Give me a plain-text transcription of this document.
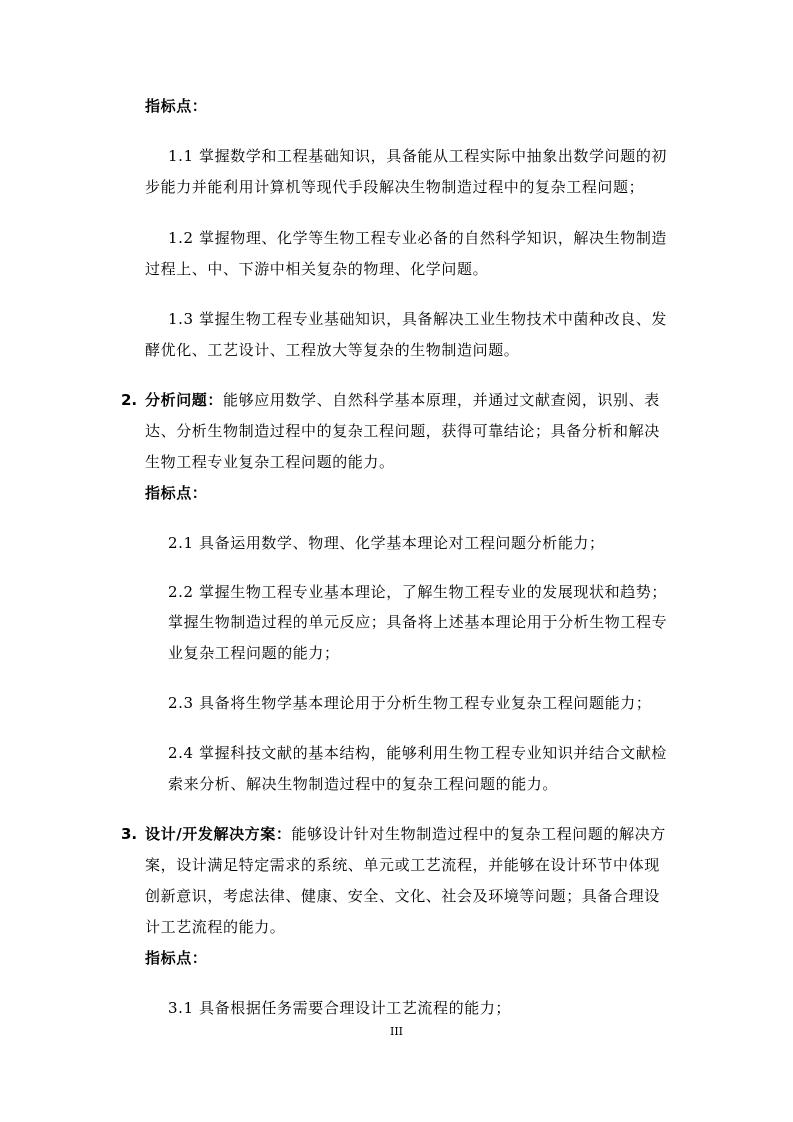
指标点：
1.1 掌握数学和工程基础知识，具备能从工程实际中抽象出数学问题的初
步能力并能利用计算机等现代手段解决生物制造过程中的复杂工程问题；
1.2 掌握物理、化学等生物工程专业必备的自然科学知识，解决生物制造
过程上、中、下游中相关复杂的物理、化学问题。
1.3 掌握生物工程专业基础知识，具备解决工业生物技术中菌种改良、发
酵优化、工艺设计、工程放大等复杂的生物制造问题。
2. 分析问题：能够应用数学、自然科学基本原理，并通过文献查阅，识别、表
达、分析生物制造过程中的复杂工程问题，获得可靠结论；具备分析和解决
生物工程专业复杂工程问题的能力。
指标点：
2.1 具备运用数学、物理、化学基本理论对工程问题分析能力；
2.2 掌握生物工程专业基本理论，了解生物工程专业的发展现状和趋势；
掌握生物制造过程的单元反应；具备将上述基本理论用于分析生物工程专
业复杂工程问题的能力；
2.3 具备将生物学基本理论用于分析生物工程专业复杂工程问题能力；
2.4 掌握科技文献的基本结构，能够利用生物工程专业知识并结合文献检
索来分析、解决生物制造过程中的复杂工程问题的能力。
3. 设计/开发解决方案：能够设计针对生物制造过程中的复杂工程问题的解决方
案，设计满足特定需求的系统、单元或工艺流程，并能够在设计环节中体现
创新意识，考虑法律、健康、安全、文化、社会及环境等问题；具备合理设
计工艺流程的能力。
指标点：
3.1 具备根据任务需要合理设计工艺流程的能力；
III
